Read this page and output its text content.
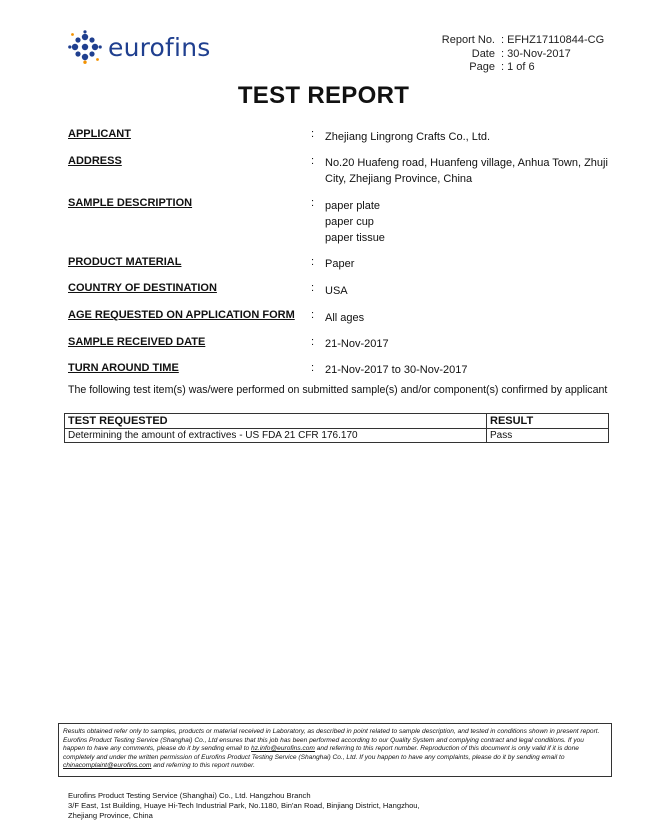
eurofins	Report No. : EFHZ17110844-CG
Date : 30-Nov-2017
Page : 1 of 6
TEST REPORT
APPLICANT	: Zhejiang Lingrong Crafts Co., Ltd.
ADDRESS	: No.20 Huafeng road, Huanfeng village, Anhua Town, Zhuji City, Zhejiang Province, China
SAMPLE DESCRIPTION	: paper plate
paper cup
paper tissue
PRODUCT MATERIAL	: Paper
COUNTRY OF DESTINATION	: USA
AGE REQUESTED ON APPLICATION FORM : All ages
SAMPLE RECEIVED DATE	: 21-Nov-2017
TURN AROUND TIME	: 21-Nov-2017 to 30-Nov-2017
The following test item(s) was/were performed on submitted sample(s) and/or component(s) confirmed by applicant
TEST REQUESTED	RESULT
Determining the amount of extractives - US FDA 21 CFR 176.170	Pass
Results obtained refer only to samples, products or material received in Laboratory, as described in point related to sample description, and tested in conditions shown in present report. Eurofins Product Testing Service (Shanghai) Co., Ltd ensures that this job has been performed according to our Quality System and complying contract and legal conditions. If you happen to have any comments, please do it by sending email to hz.info@eurofins.com and referring to this report number. Reproduction of this document is only valid if it is done completely and under the written permission of Eurofins Product Testing Service (Shanghai) Co., Ltd. If you happen to have any complaints, please do it by sending email to chinacomplaint@eurofins.com and referring to this report number.
Eurofins Product Testing Service (Shanghai) Co., Ltd. Hangzhou Branch
3/F East, 1st Building, Huaye Hi-Tech Industrial Park, No.1180, Bin'an Road, Binjiang District, Hangzhou,
Zhejiang Province, China
